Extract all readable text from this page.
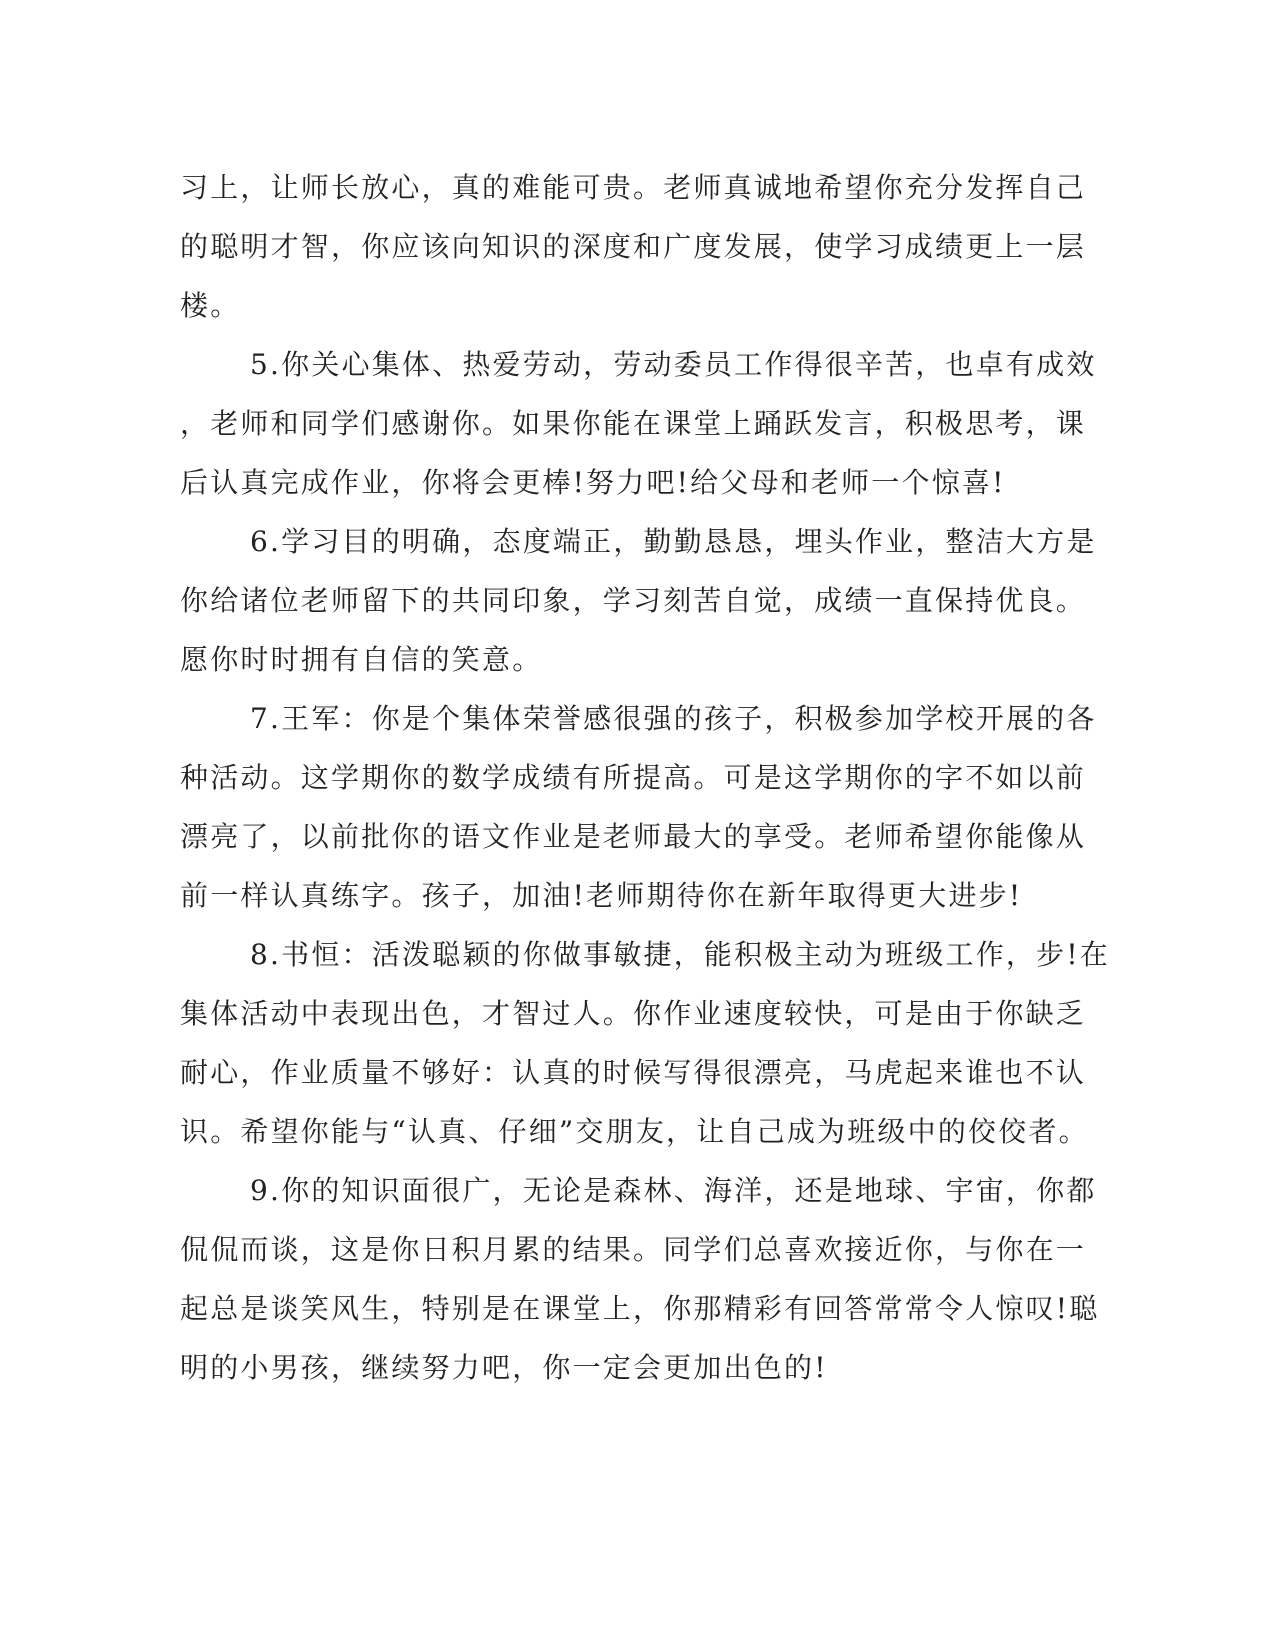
习上，让师长放心，真的难能可贵。老师真诚地希望你充分发挥自己
的聪明才智，你应该向知识的深度和广度发展，使学习成绩更上一层
楼。

5.你关心集体、热爱劳动，劳动委员工作得很辛苦，也卓有成效
，老师和同学们感谢你。如果你能在课堂上踊跃发言，积极思考，课
后认真完成作业，你将会更棒!努力吧!给父母和老师一个惊喜!

6.学习目的明确，态度端正，勤勤恳恳，埋头作业，整洁大方是
你给诸位老师留下的共同印象，学习刻苦自觉，成绩一直保持优良。
愿你时时拥有自信的笑意。

7.王军：你是个集体荣誉感很强的孩子，积极参加学校开展的各
种活动。这学期你的数学成绩有所提高。可是这学期你的字不如以前
漂亮了，以前批你的语文作业是老师最大的享受。老师希望你能像从
前一样认真练字。孩子，加油!老师期待你在新年取得更大进步!

8.书恒：活泼聪颖的你做事敏捷，能积极主动为班级工作，步!在
集体活动中表现出色，才智过人。你作业速度较快，可是由于你缺乏
耐心，作业质量不够好：认真的时候写得很漂亮，马虎起来谁也不认
识。希望你能与“认真、仔细”交朋友，让自己成为班级中的佼佼者。

9.你的知识面很广，无论是森林、海洋，还是地球、宇宙，你都
侃侃而谈，这是你日积月累的结果。同学们总喜欢接近你，与你在一
起总是谈笑风生，特别是在课堂上，你那精彩有回答常常令人惊叹!聪
明的小男孩，继续努力吧，你一定会更加出色的!
